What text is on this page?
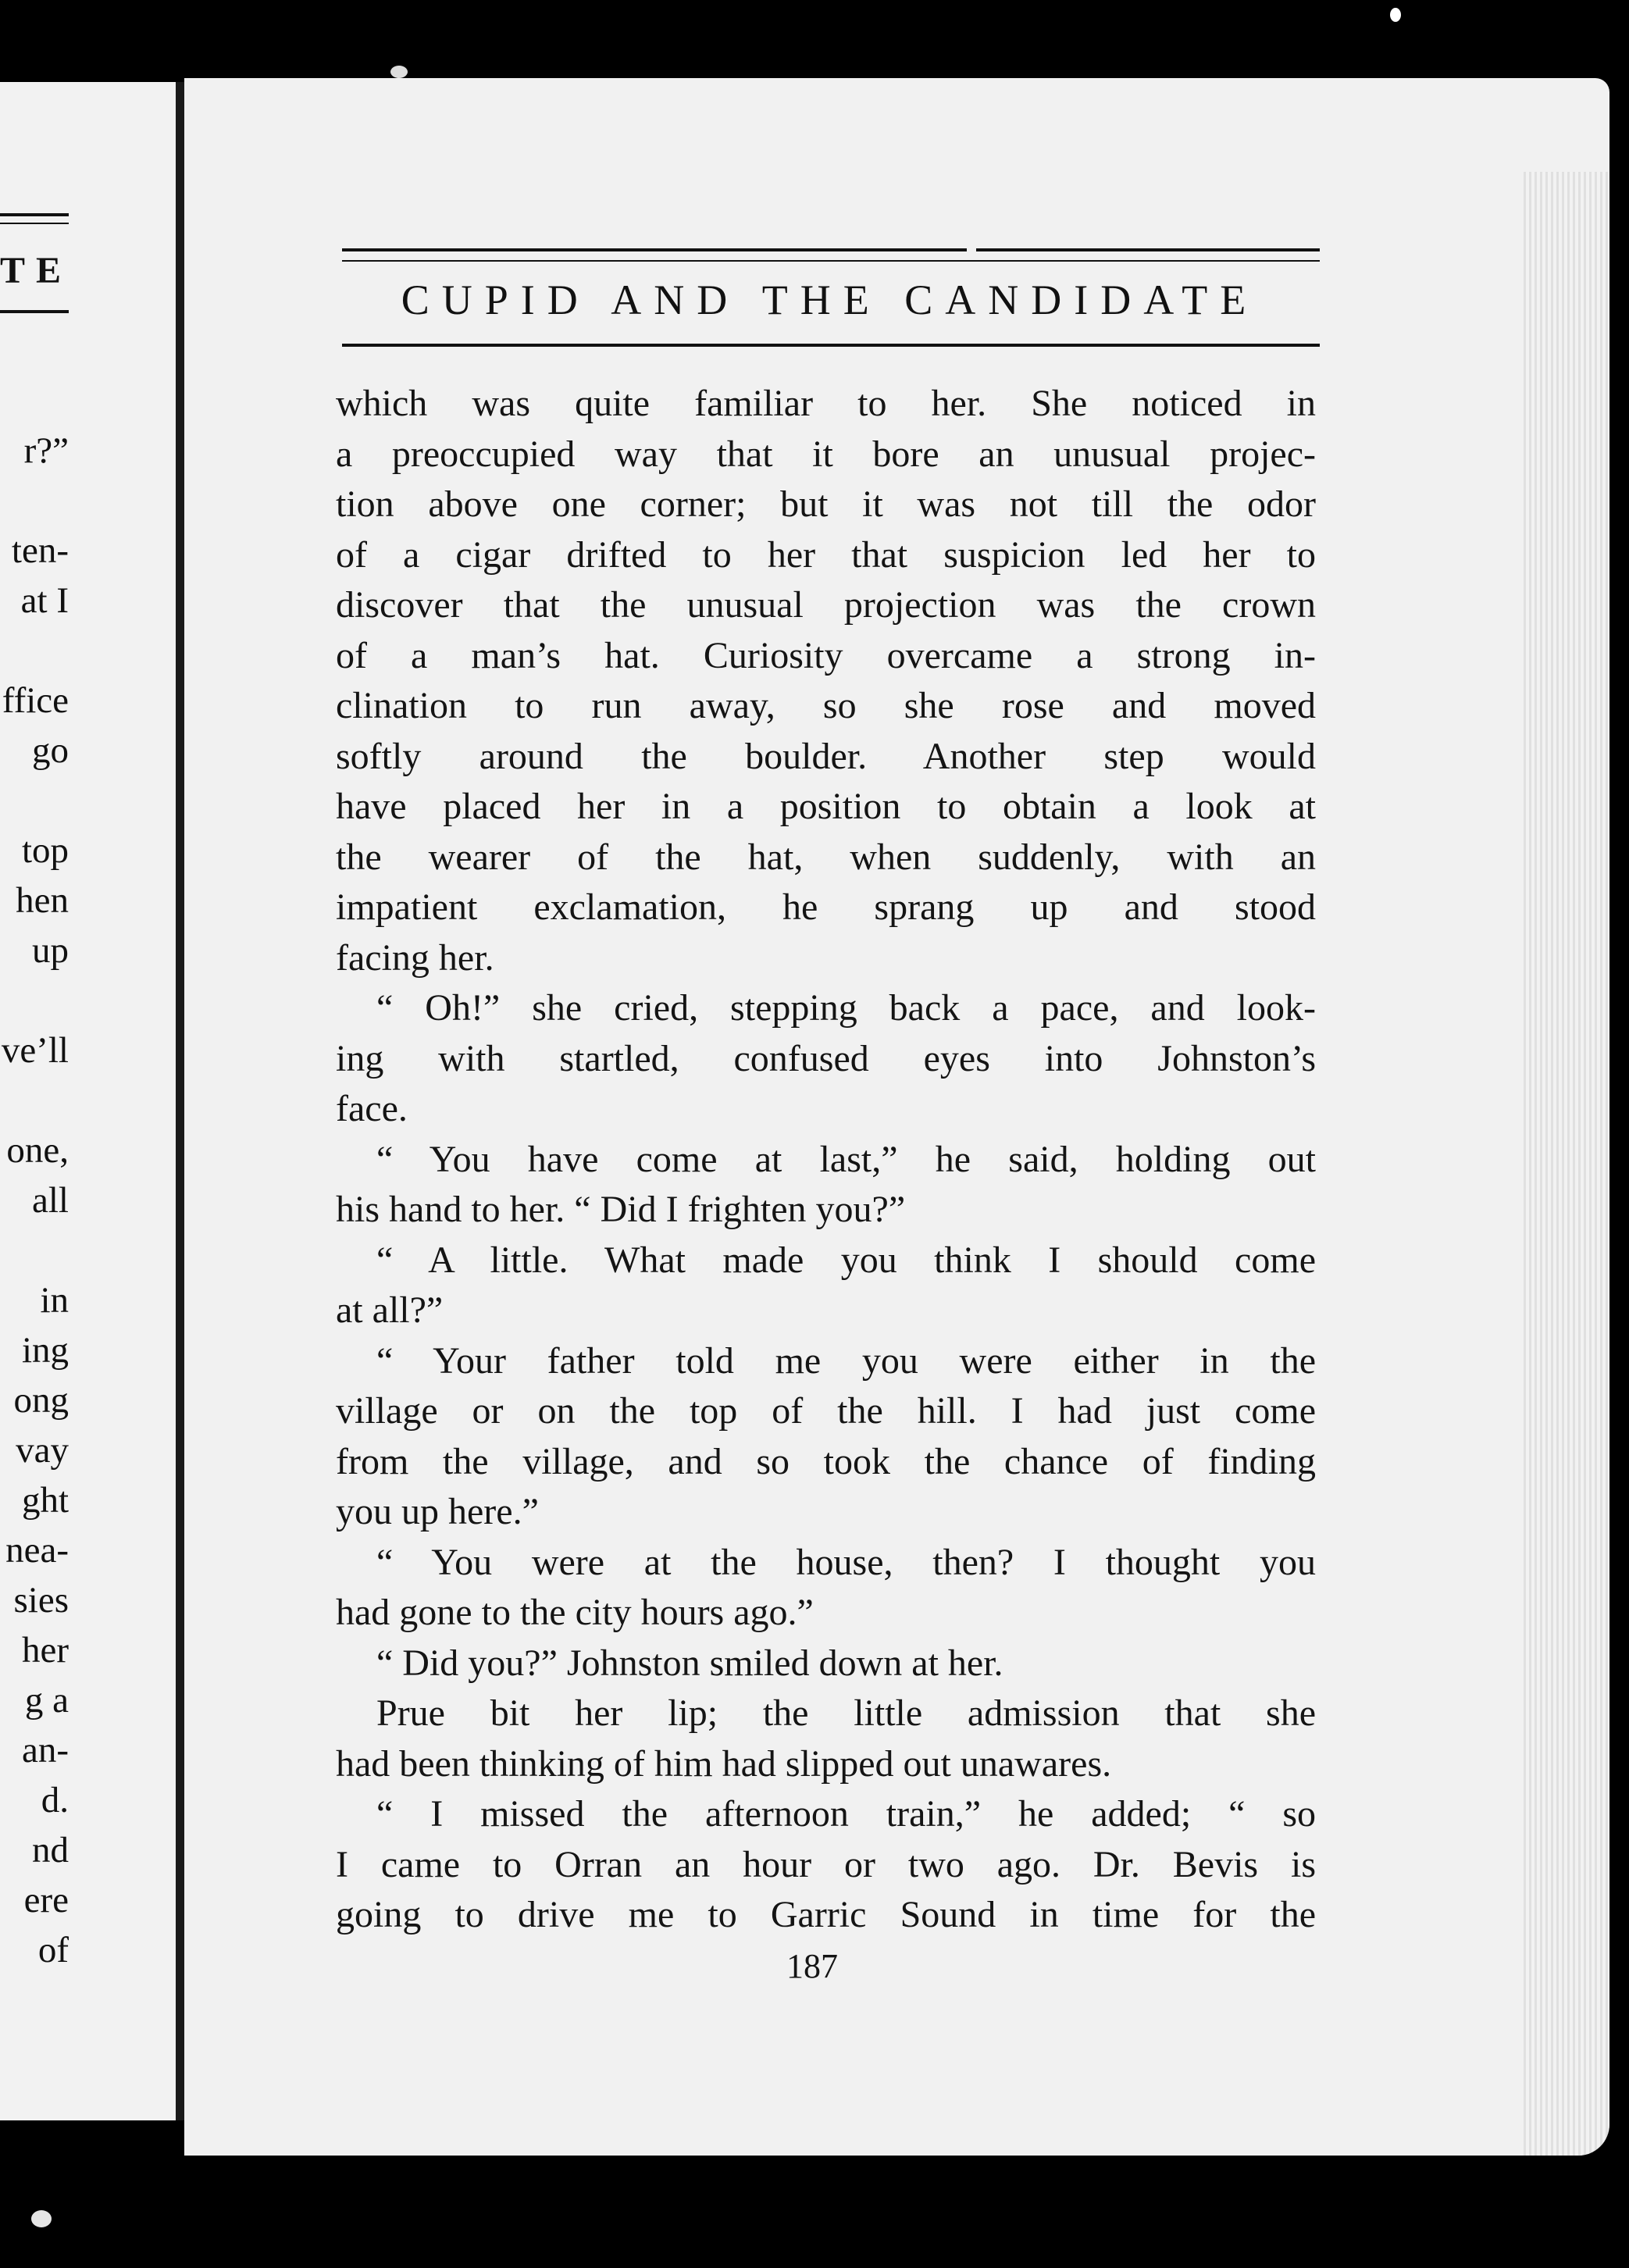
TE
r?”
ten-
at I
ffice
go
top
hen
up
ve’ll
one,
all
in
ing
ong
vay
ght
nea-
sies
her
g a
an-
d.
nd
ere
of
CUPID AND THE CANDIDATE
which was quite familiar to her. She noticed in
a preoccupied way that it bore an unusual projec-
tion above one corner; but it was not till the odor
of a cigar drifted to her that suspicion led her to
discover that the unusual projection was the crown
of a man’s hat. Curiosity overcame a strong in-
clination to run away, so she rose and moved
softly around the boulder. Another step would
have placed her in a position to obtain a look at
the wearer of the hat, when suddenly, with an
impatient exclamation, he sprang up and stood
facing her.
“ Oh!” she cried, stepping back a pace, and look-
ing with startled, confused eyes into Johnston’s
face.
“ You have come at last,” he said, holding out
his hand to her. “ Did I frighten you?”
“ A little. What made you think I should come
at all?”
“ Your father told me you were either in the
village or on the top of the hill. I had just come
from the village, and so took the chance of finding
you up here.”
“ You were at the house, then? I thought you
had gone to the city hours ago.”
“ Did you?” Johnston smiled down at her.
Prue bit her lip; the little admission that she
had been thinking of him had slipped out unawares.
“ I missed the afternoon train,” he added; “ so
I came to Orran an hour or two ago. Dr. Bevis is
going to drive me to Garric Sound in time for the
187
